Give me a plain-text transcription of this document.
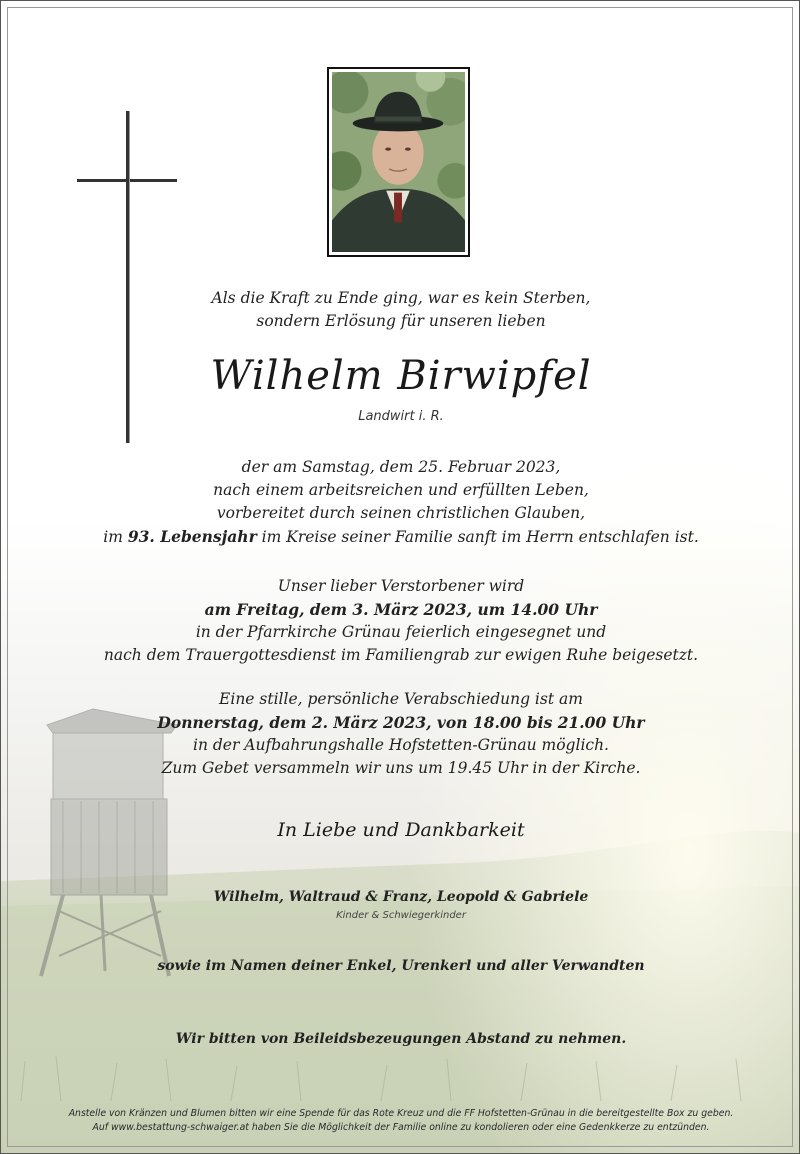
Als die Kraft zu Ende ging, war es kein Sterben,
sondern Erlösung für unseren lieben
Wilhelm Birwipfel
Landwirt i. R.
der am Samstag, dem 25. Februar 2023,
nach einem arbeitsreichen und erfüllten Leben,
vorbereitet durch seinen christlichen Glauben,
im 93. Lebensjahr im Kreise seiner Familie sanft im Herrn entschlafen ist.
Unser lieber Verstorbener wird
am Freitag, dem 3. März 2023, um 14.00 Uhr
in der Pfarrkirche Grünau feierlich eingesegnet und
nach dem Trauergottesdienst im Familiengrab zur ewigen Ruhe beigesetzt.
Eine stille, persönliche Verabschiedung ist am
Donnerstag, dem 2. März 2023, von 18.00 bis 21.00 Uhr
in der Aufbahrungshalle Hofstetten-Grünau möglich.
Zum Gebet versammeln wir uns um 19.45 Uhr in der Kirche.
In Liebe und Dankbarkeit
Wilhelm, Waltraud & Franz, Leopold & Gabriele
Kinder & Schwiegerkinder
sowie im Namen deiner Enkel, Urenkerl und aller Verwandten
Wir bitten von Beileidsbezeugungen Abstand zu nehmen.
Anstelle von Kränzen und Blumen bitten wir eine Spende für das Rote Kreuz und die FF Hofstetten-Grünau in die bereitgestellte Box zu geben.
Auf www.bestattung-schwaiger.at haben Sie die Möglichkeit der Familie online zu kondolieren oder eine Gedenkkerze zu entzünden.
